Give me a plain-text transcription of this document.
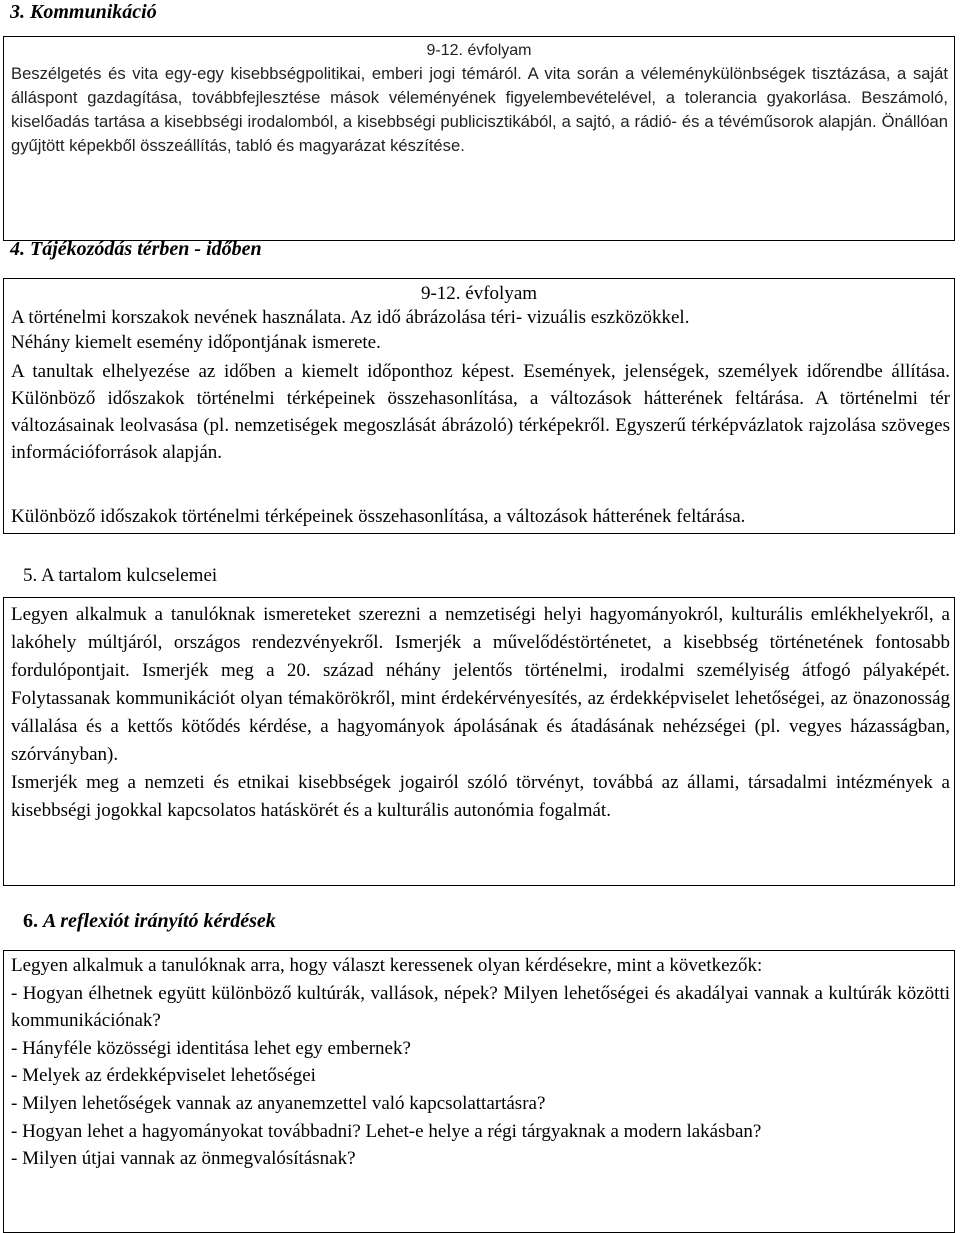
3. Kommunikáció
9-12. évfolyam
Beszélgetés és vita egy-egy kisebbségpolitikai, emberi jogi témáról. A vita során a véleménykülönbségek tisztázása, a saját álláspont gazdagítása, továbbfejlesztése mások véleményének figyelembevételével, a tolerancia gyakorlása. Beszámoló, kiselőadás tartása a kisebbségi irodalomból, a kisebbségi publicisztikából, a sajtó, a rádió- és a tévéműsorok alapján. Önállóan gyűjtött képekből összeállítás, tabló és magyarázat készítése.
4. Tájékozódás térben - időben
9-12. évfolyam
A történelmi korszakok nevének használata. Az idő ábrázolása téri- vizuális eszközökkel.
Néhány kiemelt esemény időpontjának ismerete.
A tanultak elhelyezése az időben a kiemelt időponthoz képest. Események, jelenségek, személyek időrendbe állítása. Különböző időszakok történelmi térképeinek összehasonlítása, a változások hátterének feltárása. A történelmi tér változásainak leolvasása (pl. nemzetiségek megoszlását ábrázoló) térképekről. Egyszerű térképvázlatok rajzolása szöveges információforrások alapján.
Különböző időszakok történelmi térképeinek összehasonlítása, a változások hátterének feltárása.
5. A tartalom kulcselemei
Legyen alkalmuk a tanulóknak ismereteket szerezni a nemzetiségi helyi hagyományokról, kulturális emlékhelyekről, a lakóhely múltjáról, országos rendezvényekről. Ismerjék a művelődéstörténetet, a kisebbség történetének fontosabb fordulópontjait. Ismerjék meg a 20. század néhány jelentős történelmi, irodalmi személyiség átfogó pályaképét. Folytassanak kommunikációt olyan témakörökről, mint érdekérvényesítés, az érdekképviselet lehetőségei, az önazonosság vállalása és a kettős kötődés kérdése, a hagyományok ápolásának és átadásának nehézségei (pl. vegyes házasságban, szórványban).
Ismerjék meg a nemzeti és etnikai kisebbségek jogairól szóló törvényt, továbbá az állami, társadalmi intézmények a kisebbségi jogokkal kapcsolatos hatáskörét és a kulturális autonómia fogalmát.
6. A reflexiót irányító kérdések
Legyen alkalmuk a tanulóknak arra, hogy választ keressenek olyan kérdésekre, mint a következők:
- Hogyan élhetnek együtt különböző kultúrák, vallások, népek? Milyen lehetőségei és akadályai vannak a kultúrák közötti kommunikációnak?
- Hányféle közösségi identitása lehet egy embernek?
- Melyek az érdekképviselet lehetőségei
- Milyen lehetőségek vannak az anyanemzettel való kapcsolattartásra?
- Hogyan lehet a hagyományokat továbbadni? Lehet-e helye a régi tárgyaknak a modern lakásban?
- Milyen útjai vannak az önmegvalósításnak?
